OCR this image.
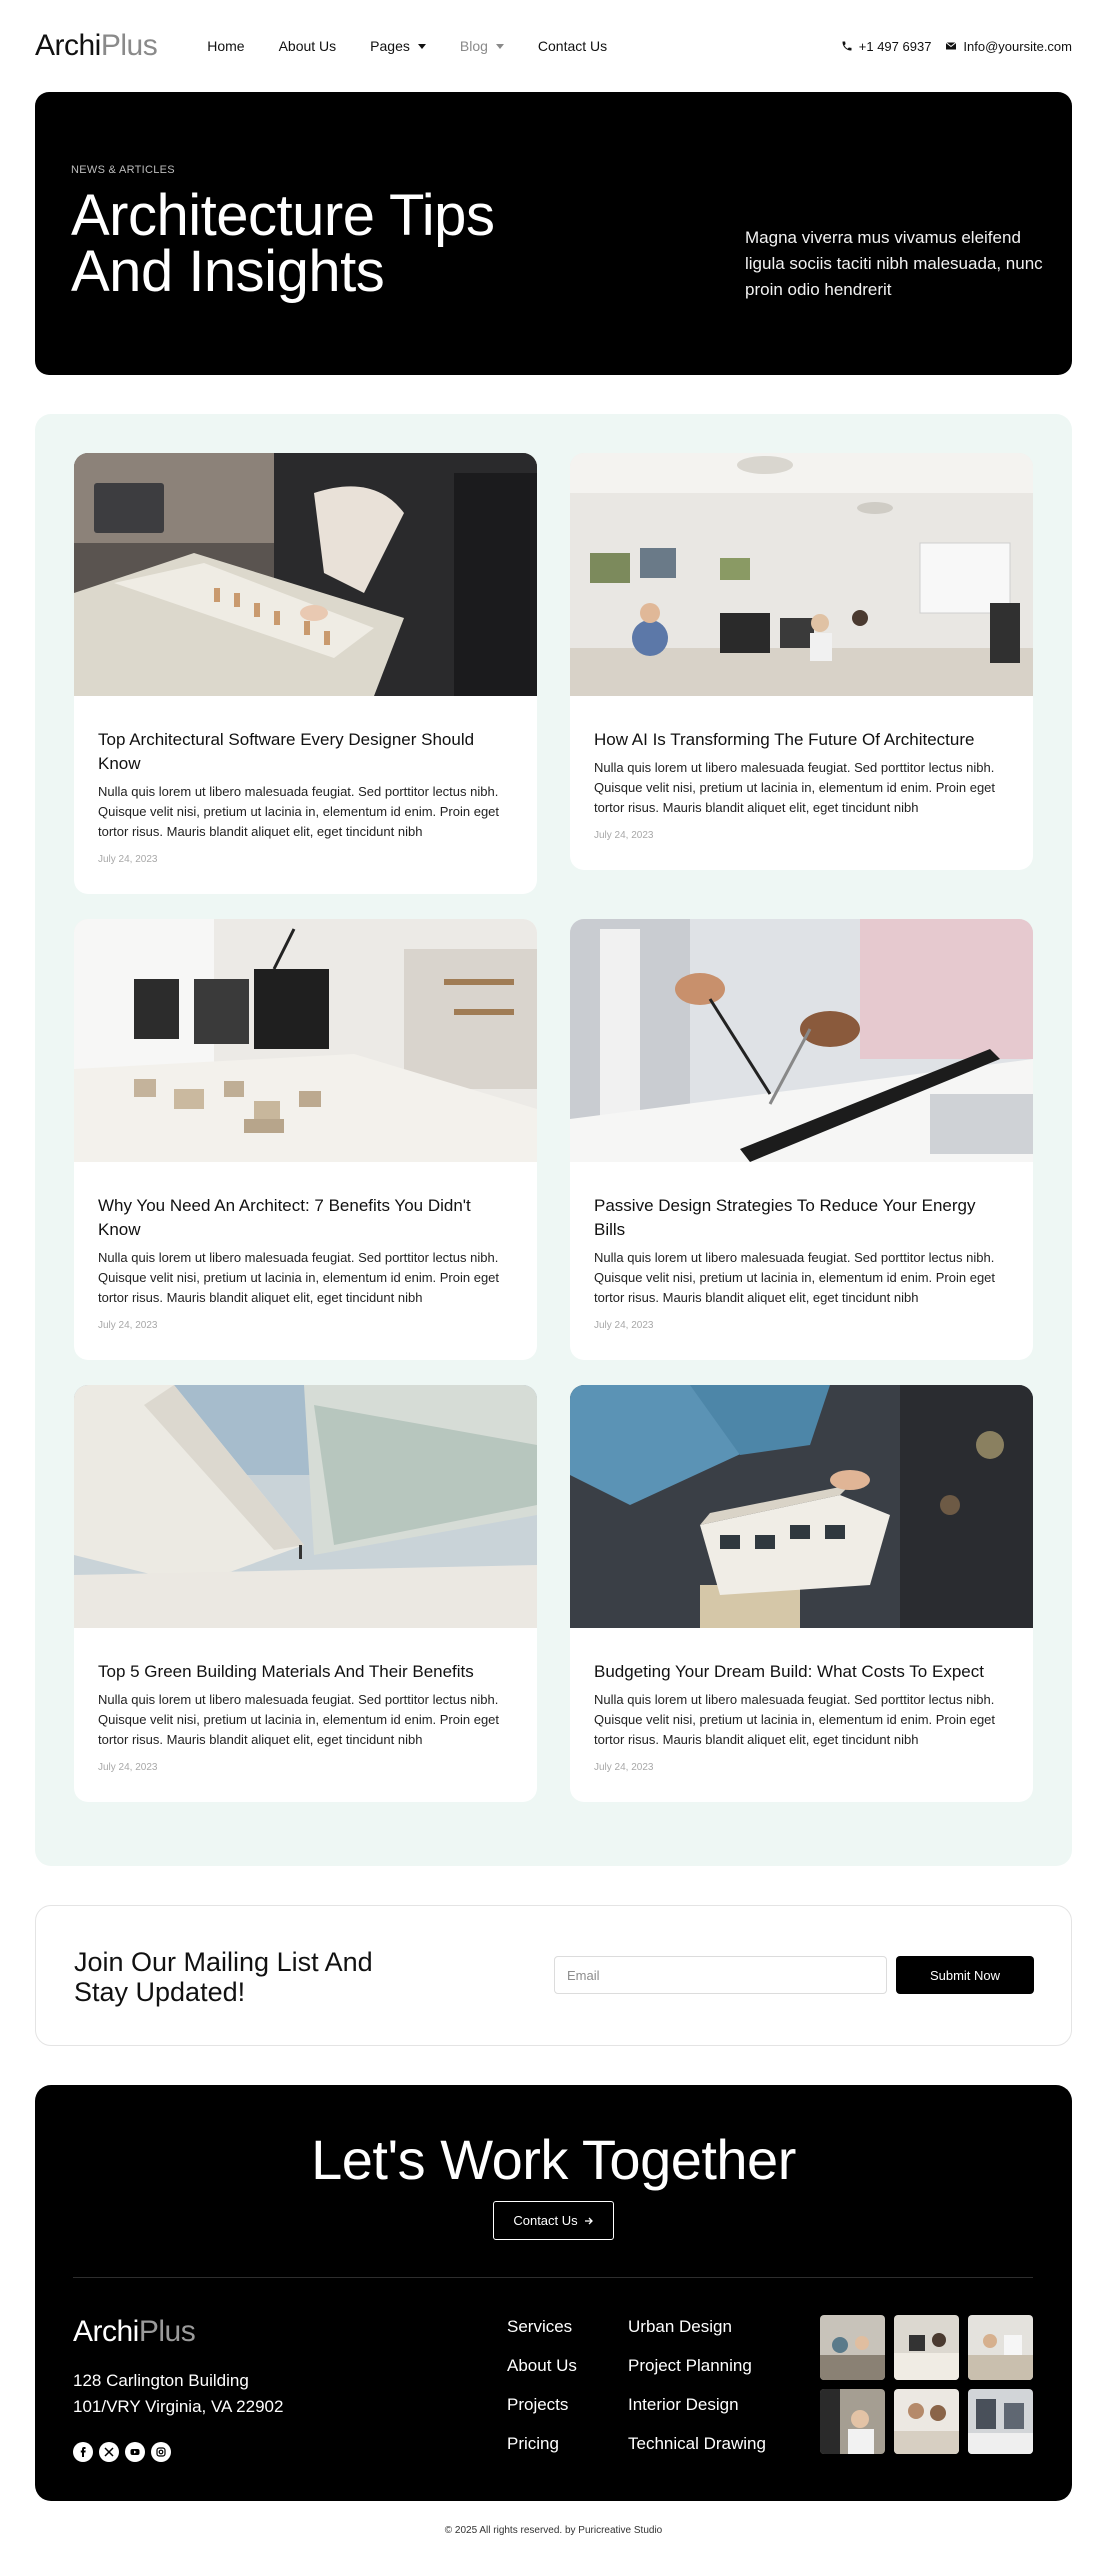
ArchiPlus	Home About Us Pages	Blog	Contact Us	+1 497 6937 Info@yoursite.com
NEWS & ARTICLES
Architecture Tips
And Insights
Magna viverra mus vivamus eleifend ligula sociis taciti nibh malesuada, nunc proin odio hendrerit
Top Architectural Software Every Designer Should Know

Nulla quis lorem ut libero malesuada feugiat. Sed porttitor lectus nibh. Quisque velit nisi, pretium ut lacinia in, elementum id enim. Proin eget tortor risus. Mauris blandit aliquet elit, eget tincidunt nibh

July 24, 2023
How AI Is Transforming The Future Of Architecture

Nulla quis lorem ut libero malesuada feugiat. Sed porttitor lectus nibh. Quisque velit nisi, pretium ut lacinia in, elementum id enim. Proin eget tortor risus. Mauris blandit aliquet elit, eget tincidunt nibh

July 24, 2023
Why You Need An Architect: 7 Benefits You Didn't Know

Nulla quis lorem ut libero malesuada feugiat. Sed porttitor lectus nibh. Quisque velit nisi, pretium ut lacinia in, elementum id enim. Proin eget tortor risus. Mauris blandit aliquet elit, eget tincidunt nibh

July 24, 2023
Passive Design Strategies To Reduce Your Energy Bills

Nulla quis lorem ut libero malesuada feugiat. Sed porttitor lectus nibh. Quisque velit nisi, pretium ut lacinia in, elementum id enim. Proin eget tortor risus. Mauris blandit aliquet elit, eget tincidunt nibh

July 24, 2023
Top 5 Green Building Materials And Their Benefits

Nulla quis lorem ut libero malesuada feugiat. Sed porttitor lectus nibh. Quisque velit nisi, pretium ut lacinia in, elementum id enim. Proin eget tortor risus. Mauris blandit aliquet elit, eget tincidunt nibh

July 24, 2023
Budgeting Your Dream Build: What Costs To Expect

Nulla quis lorem ut libero malesuada feugiat. Sed porttitor lectus nibh. Quisque velit nisi, pretium ut lacinia in, elementum id enim. Proin eget tortor risus. Mauris blandit aliquet elit, eget tincidunt nibh

July 24, 2023
Join Our Mailing List And Stay Updated!
Email
Submit Now
Let's Work Together
Contact Us
ArchiPlus
128 Carlington Building
101/VRY Virginia, VA 22902
Services
About Us
Projects
Pricing
Urban Design
Project Planning
Interior Design
Technical Drawing
© 2025 All rights reserved. by Puricreative Studio
